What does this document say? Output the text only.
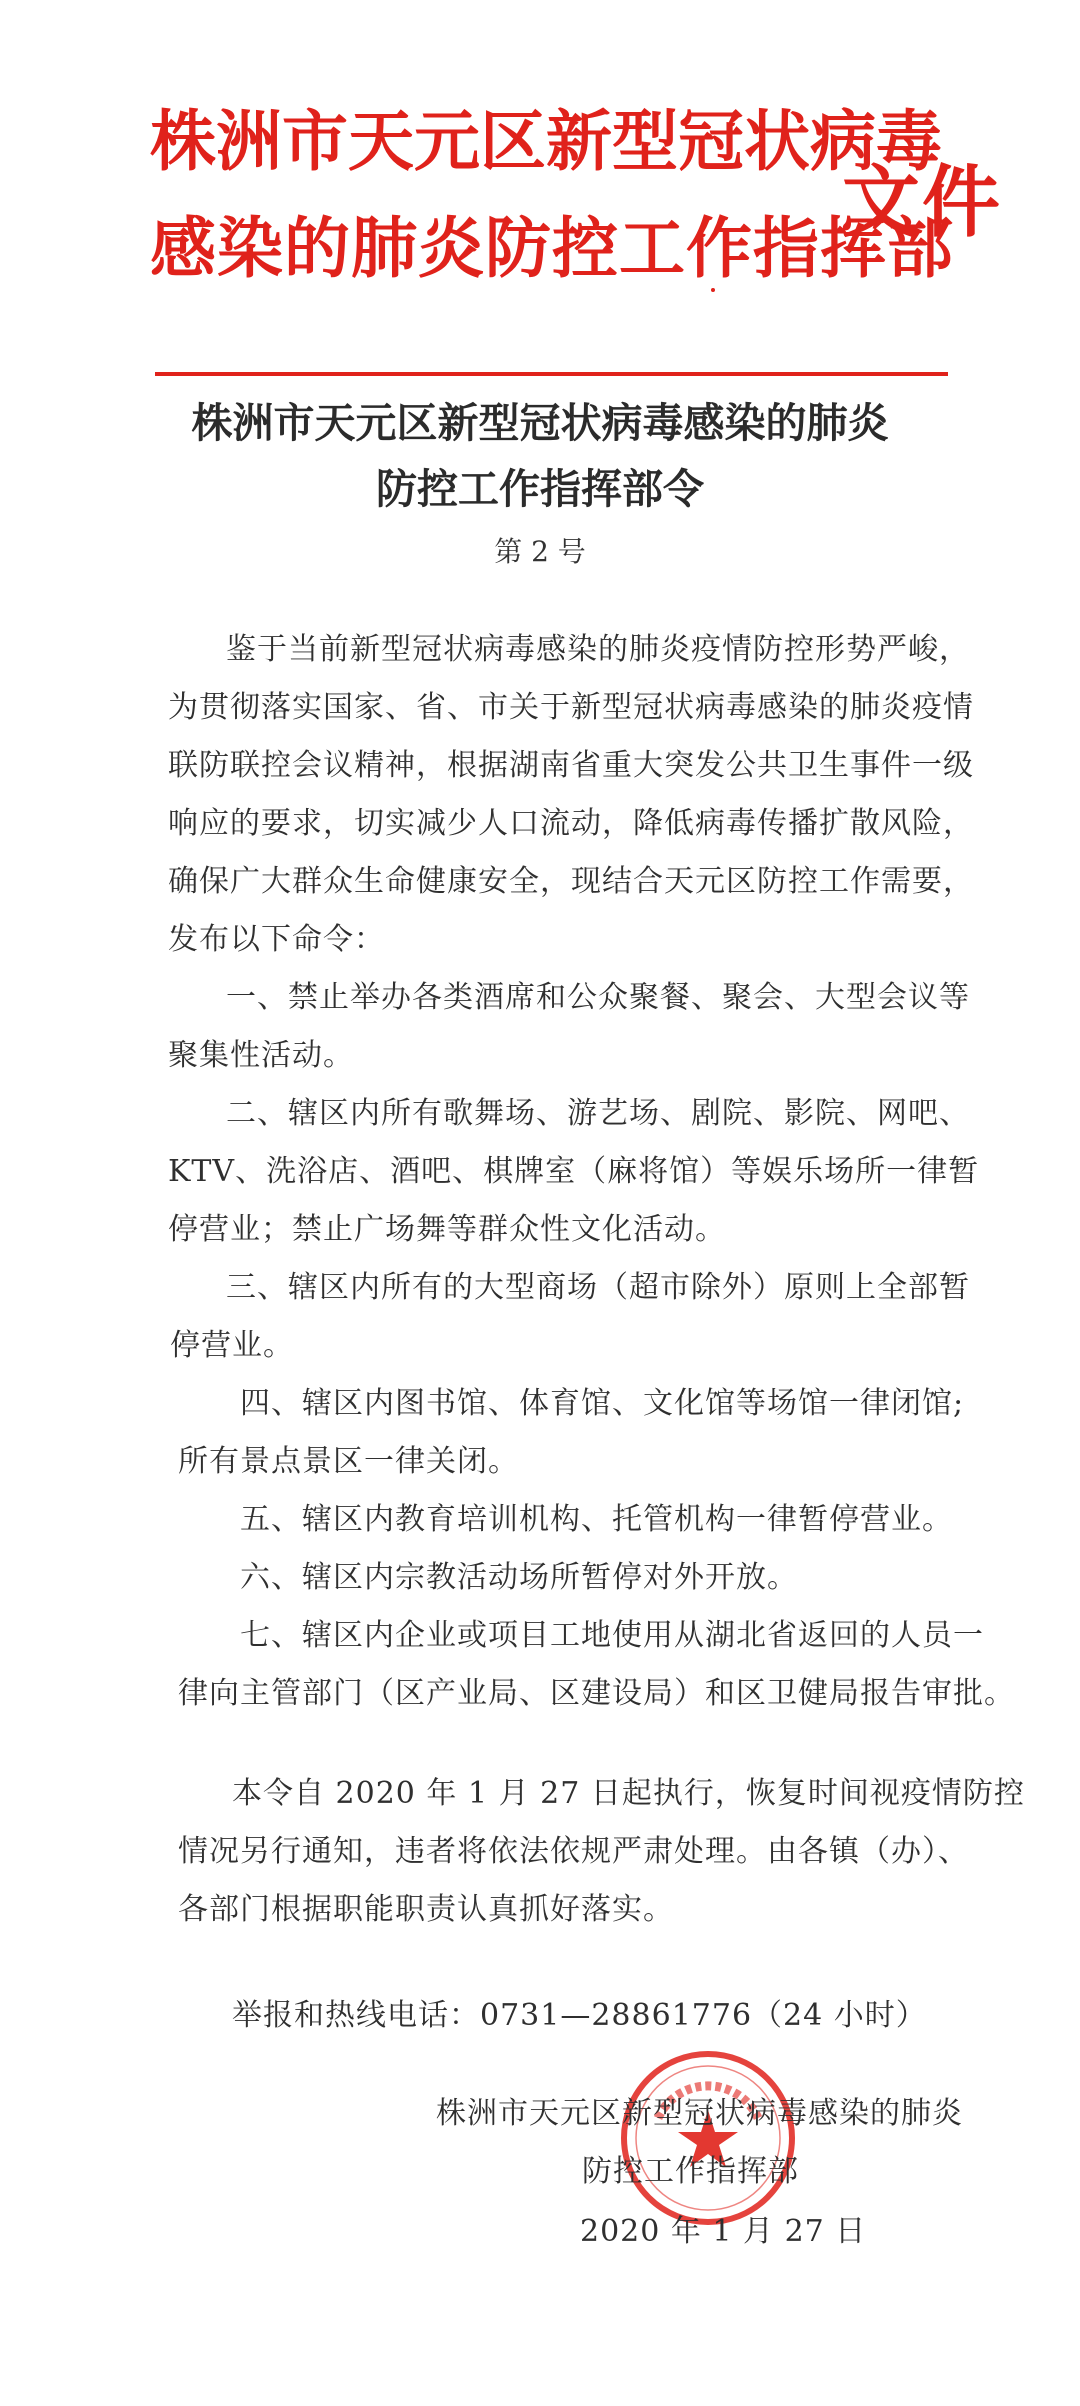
株洲市天元区新型冠状病毒
感染的肺炎防控工作指挥部
文件
株洲市天元区新型冠状病毒感染的肺炎
防控工作指挥部令
第 2 号
鉴于当前新型冠状病毒感染的肺炎疫情防控形势严峻，
为贯彻落实国家、省、市关于新型冠状病毒感染的肺炎疫情
联防联控会议精神，根据湖南省重大突发公共卫生事件一级
响应的要求，切实减少人口流动，降低病毒传播扩散风险，
确保广大群众生命健康安全，现结合天元区防控工作需要，
发布以下命令：
一、禁止举办各类酒席和公众聚餐、聚会、大型会议等
聚集性活动。
二、辖区内所有歌舞场、游艺场、剧院、影院、网吧、
KTV、洗浴店、酒吧、棋牌室（麻将馆）等娱乐场所一律暂
停营业；禁止广场舞等群众性文化活动。
三、辖区内所有的大型商场（超市除外）原则上全部暂
停营业。
四、辖区内图书馆、体育馆、文化馆等场馆一律闭馆;
所有景点景区一律关闭。
五、辖区内教育培训机构、托管机构一律暂停营业。
六、辖区内宗教活动场所暂停对外开放。
七、辖区内企业或项目工地使用从湖北省返回的人员一
律向主管部门（区产业局、区建设局）和区卫健局报告审批。
本令自 2020 年 1 月 27 日起执行，恢复时间视疫情防控
情况另行通知，违者将依法依规严肃处理。由各镇（办）、
各部门根据职能职责认真抓好落实。
举报和热线电话：0731—28861776（24 小时）
株洲市天元区新型冠状病毒感染的肺炎
防控工作指挥部
2020 年 1 月 27 日
